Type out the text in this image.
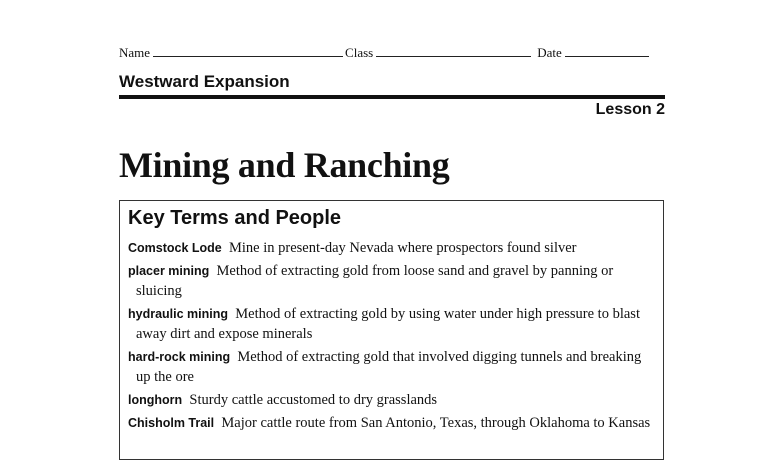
Name	Class	Date
Westward Expansion
Lesson 2
Mining and Ranching
Key Terms and People

Comstock Lode Mine in present-day Nevada where prospectors found silver

placer mining Method of extracting gold from loose sand and gravel by panning or sluicing

hydraulic mining Method of extracting gold by using water under high pressure to blast away dirt and expose minerals

hard-rock mining Method of extracting gold that involved digging tunnels and breaking up the ore

longhorn Sturdy cattle accustomed to dry grasslands

Chisholm Trail Major cattle route from San Antonio, Texas, through Oklahoma to Kansas
